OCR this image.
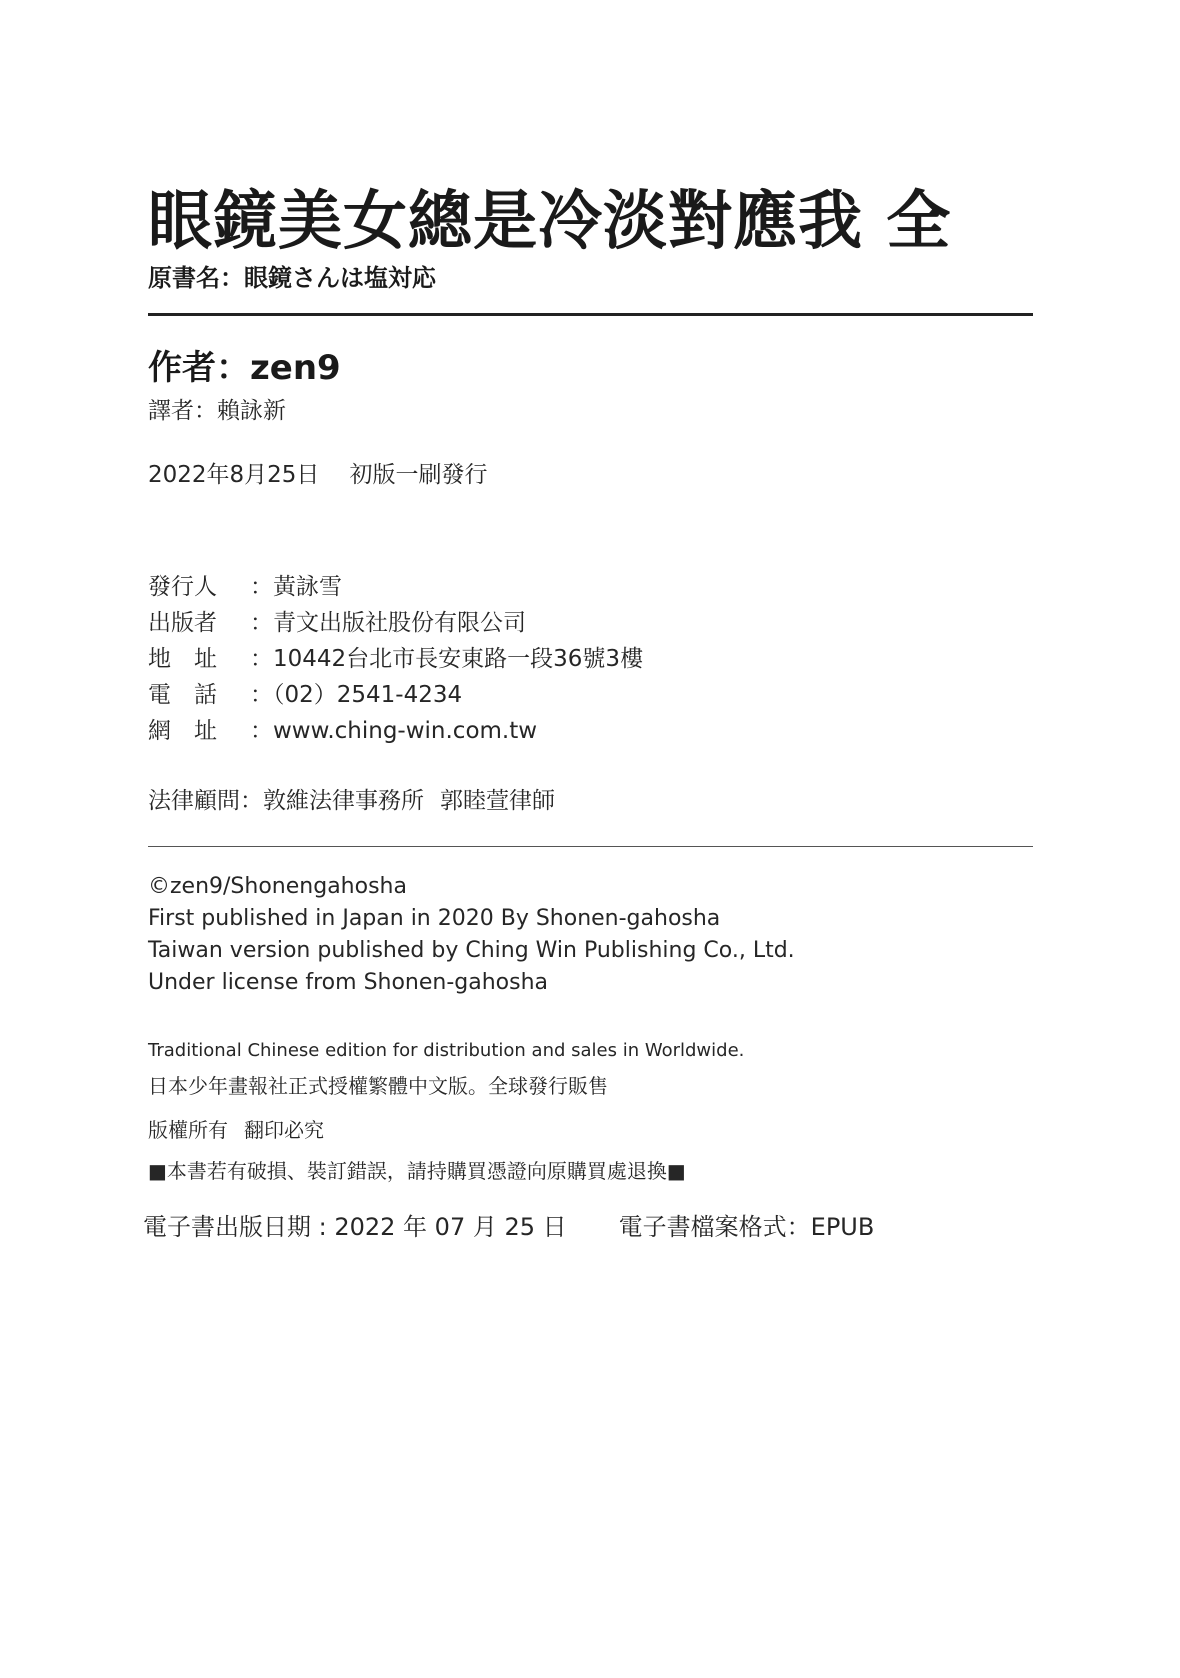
眼鏡美女總是冷淡對應我 全
原書名：眼鏡さんは塩対応
作者：zen9
譯者：賴詠新
2022年8月25日 初版一刷發行
發行人 ：黃詠雪
出版者 ：青文出版社股份有限公司
地　址 ：10442台北市長安東路一段36號3樓
電　話 ：（02）2541-4234
網　址 ：www.ching-win.com.tw
法律顧問：敦維法律事務所 郭睦萱律師
©zen9/Shonengahosha
First published in Japan in 2020 By Shonen-gahosha
Taiwan version published by Ching Win Publishing Co., Ltd.
Under license from Shonen-gahosha
Traditional Chinese edition for distribution and sales in Worldwide.
日本少年畫報社正式授權繁體中文版。全球發行販售
版權所有 翻印必究
■本書若有破損、裝訂錯誤，請持購買憑證向原購買處退換■
電子書出版日期 : 2022 年 07 月 25 日 電子書檔案格式：EPUB
